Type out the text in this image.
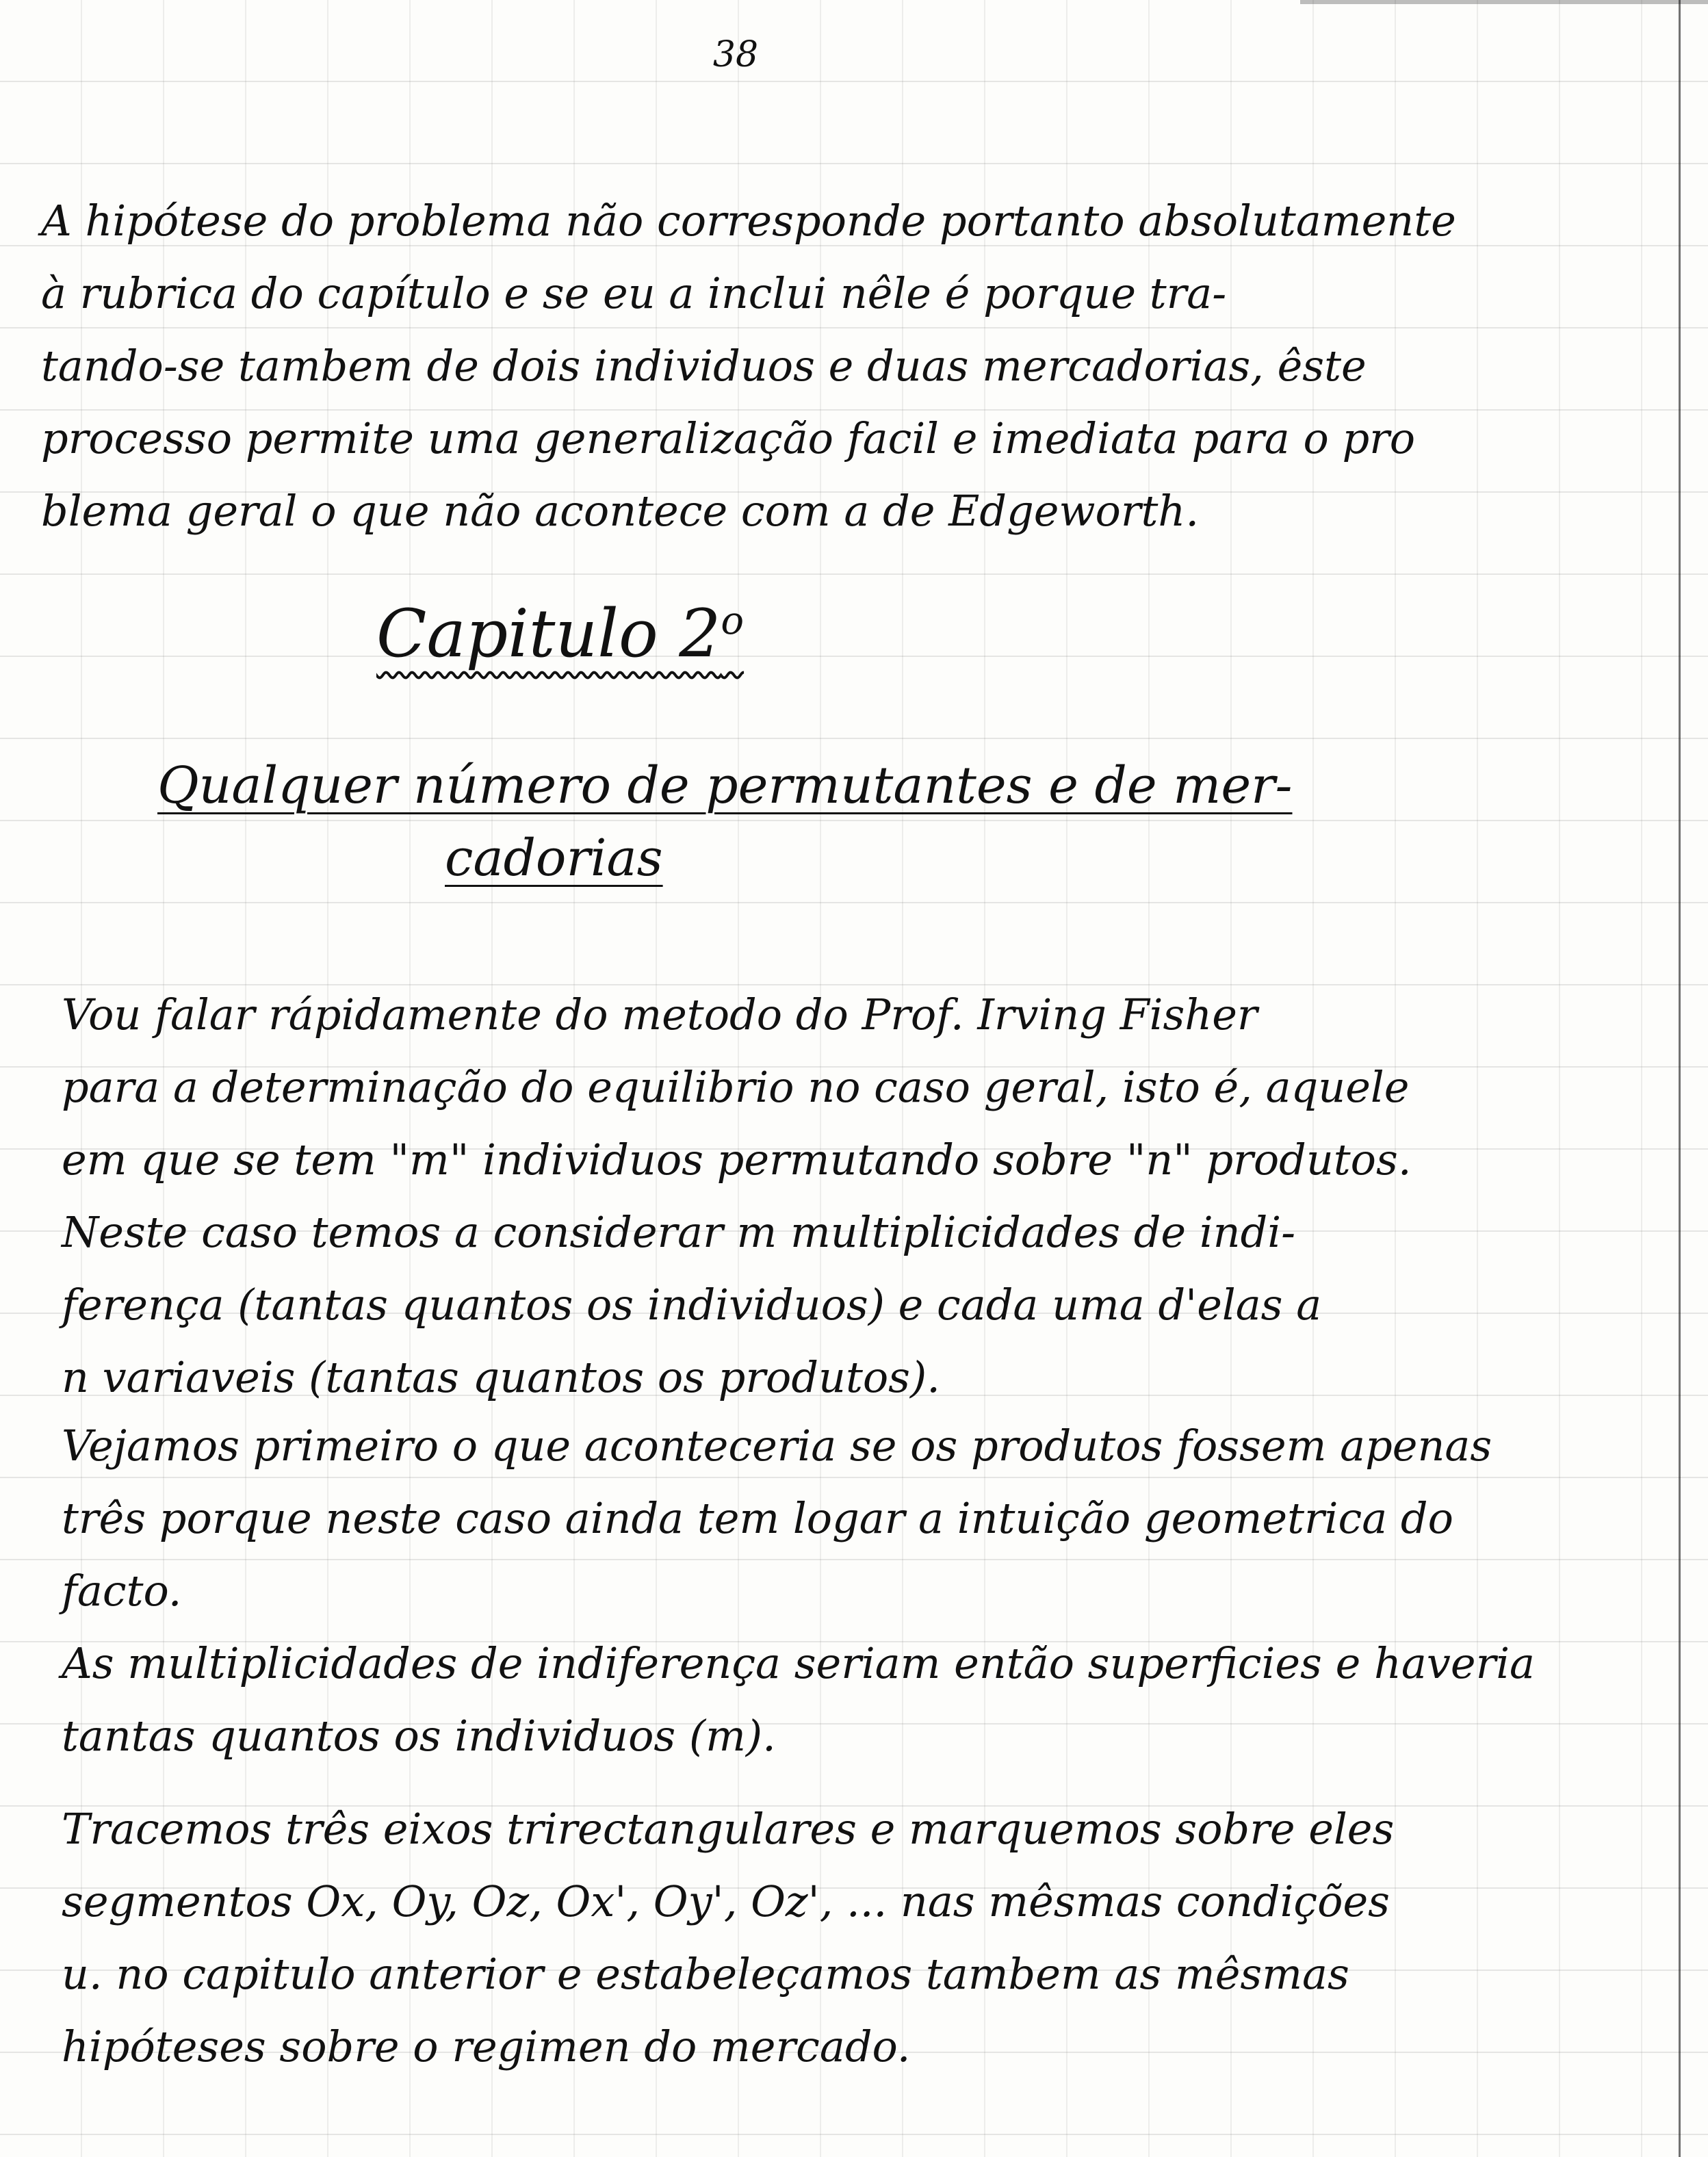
38
A hipótese do problema não corresponde portanto absolutamente
à rubrica do capítulo e se eu a inclui nêle é porque tra-
tando-se tambem de dois individuos e duas mercadorias, êste
processo permite uma generalização facil e imediata para o pro
blema geral o que não acontece com a de Edgeworth.
Capitulo 2$^o$
Qualquer número de permutantes e de mer-
cadorias
Vou falar rápidamente do metodo do Prof. Irving Fisher
para a determinação do equilibrio no caso geral, isto é, aquele
em que se tem "m" individuos permutando sobre "n" produtos.
Neste caso temos a considerar m multiplicidades de indi-
ferença (tantas quantos os individuos) e cada uma d'elas a
n variaveis (tantas quantos os produtos).
Vejamos primeiro o que aconteceria se os produtos fossem apenas
três porque neste caso ainda tem logar a intuição geometrica do
facto.
As multiplicidades de indiferença seriam então superficies e haveria
tantas quantos os individuos (m).
Tracemos três eixos trirectangulares e marquemos sobre eles
segmentos Ox, Oy, Oz, Ox', Oy', Oz', ... nas mêsmas condições
u. no capitulo anterior e estabeleçamos tambem as mêsmas
hipóteses sobre o regimen do mercado.
